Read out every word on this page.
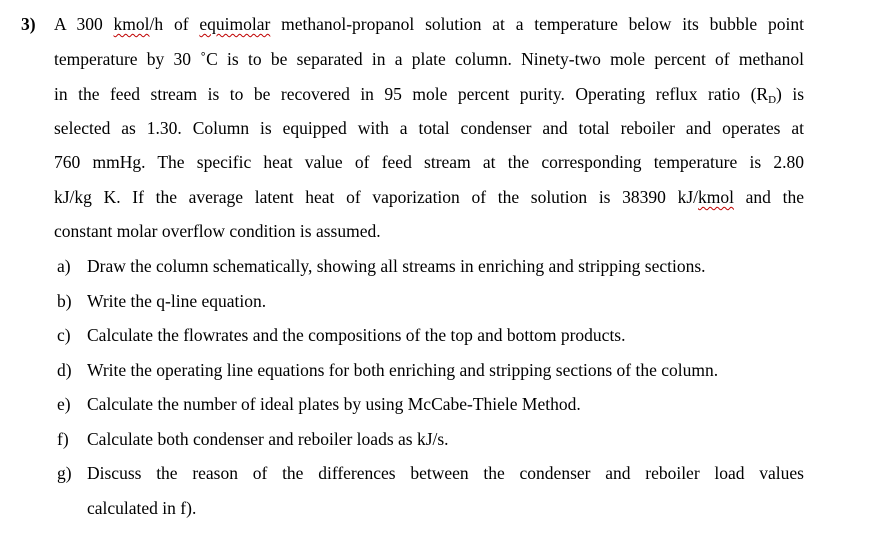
3) A 300 kmol/h of equimolar methanol-propanol solution at a temperature below its bubble point
temperature by 30 ˚C is to be separated in a plate column. Ninety-two mole percent of methanol
in the feed stream is to be recovered in 95 mole percent purity. Operating reflux ratio $(R_D)$ is
selected as 1.30. Column is equipped with a total condenser and total reboiler and operates at
760 mmHg. The specific heat value of feed stream at the corresponding temperature is 2.80
kJ/kg K. If the average latent heat of vaporization of the solution is 38390 kJ/kmol and the
constant molar overflow condition is assumed.
a) Draw the column schematically, showing all streams in enriching and stripping sections.
b) Write the q-line equation.
c) Calculate the flowrates and the compositions of the top and bottom products.
d) Write the operating line equations for both enriching and stripping sections of the column.
e) Calculate the number of ideal plates by using McCabe-Thiele Method.
f) Calculate both condenser and reboiler loads as kJ/s.
g) Discuss the reason of the differences between the condenser and reboiler load values
calculated in f).
